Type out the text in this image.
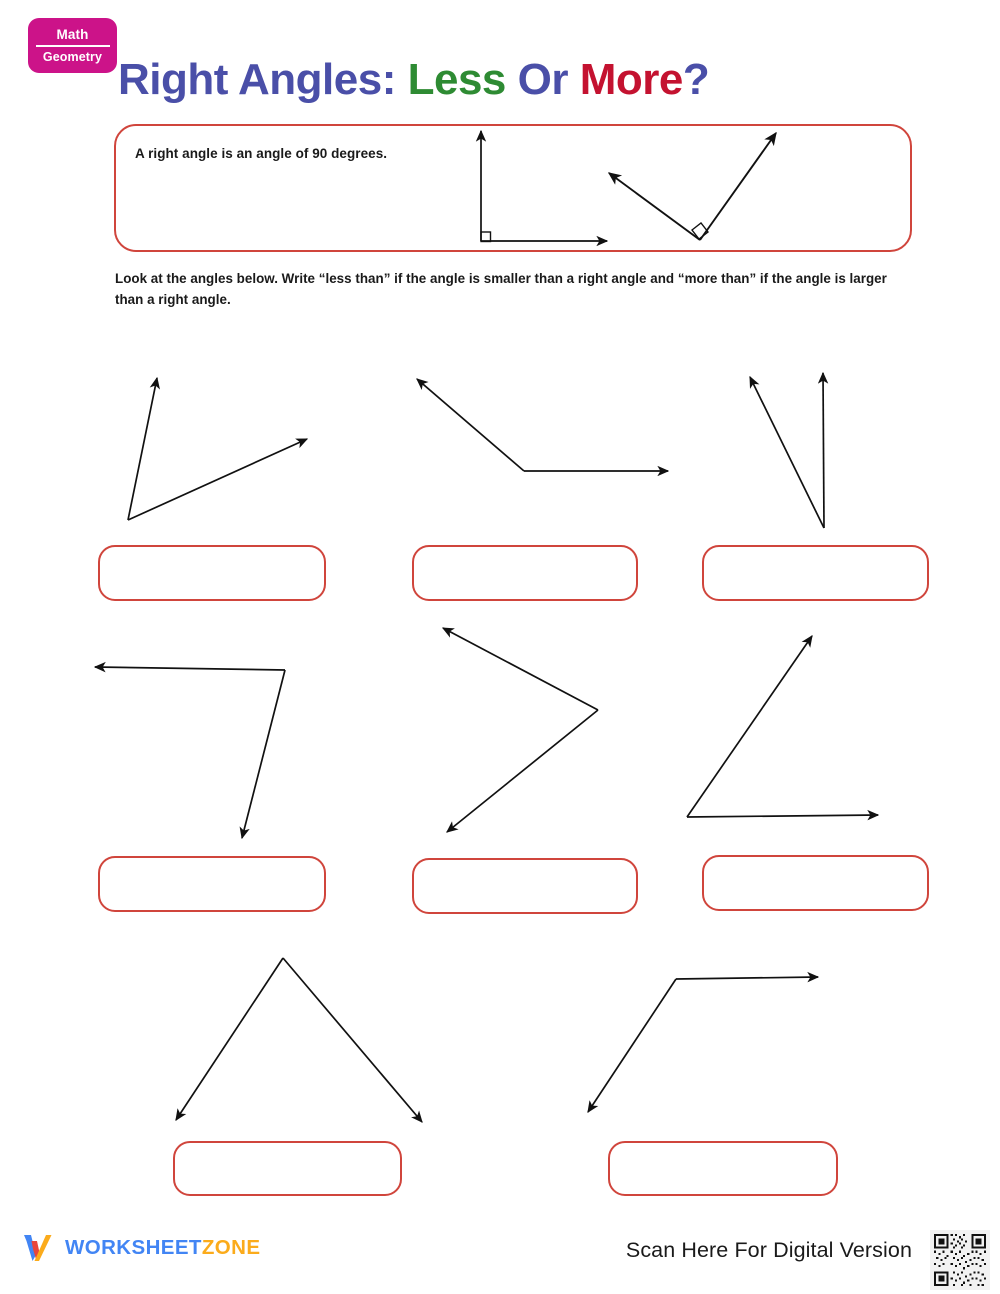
Math
Geometry Right Angles: Less Or More?
A right angle is an angle of 90 degrees.
Look at the angles below. Write “less than” if the angle is smaller than a right angle and “more than” if the angle is larger than a right angle.
WORKSHEETZONE	Scan Here For Digital Version
